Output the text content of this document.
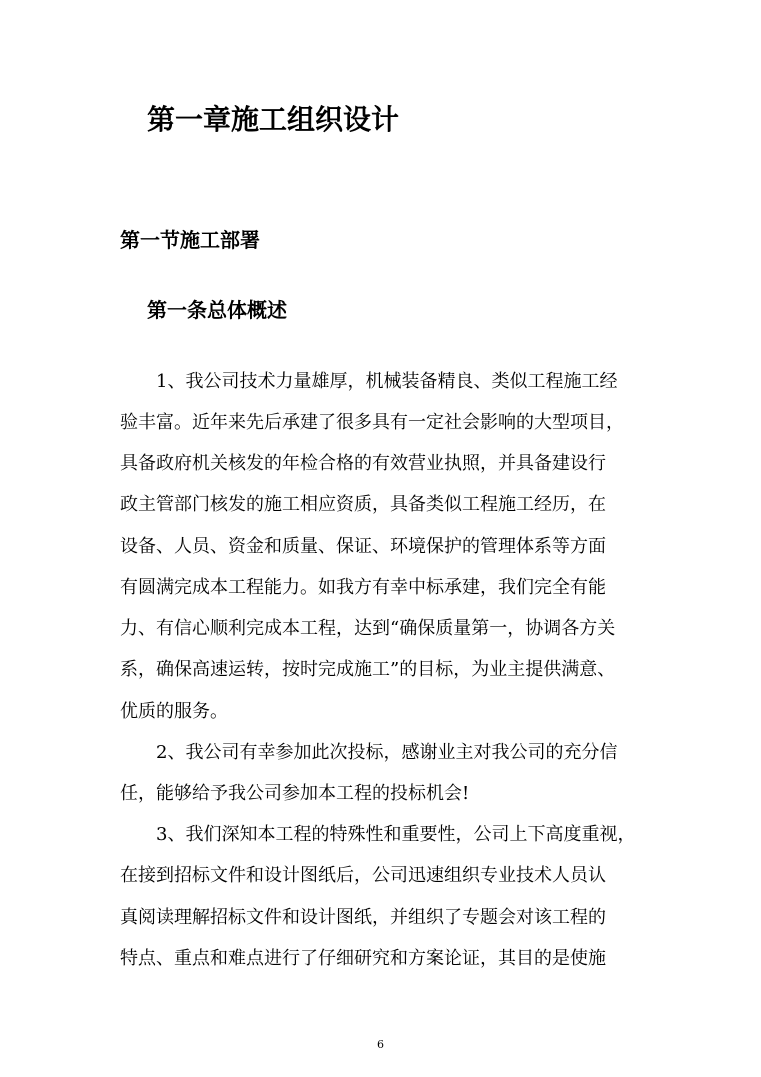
第一章施工组织设计
第一节施工部署
第一条总体概述

1、我公司技术力量雄厚，机械装备精良、类似工程施工经

验丰富。近年来先后承建了很多具有一定社会影响的大型项目，

具备政府机关核发的年检合格的有效营业执照，并具备建设行

政主管部门核发的施工相应资质，具备类似工程施工经历，在

设备、人员、资金和质量、保证、环境保护的管理体系等方面

有圆满完成本工程能力。如我方有幸中标承建，我们完全有能

力、有信心顺利完成本工程，达到“确保质量第一，协调各方关

系，确保高速运转，按时完成施工”的目标，为业主提供满意、

优质的服务。

2、我公司有幸参加此次投标，感谢业主对我公司的充分信

任，能够给予我公司参加本工程的投标机会!

3、我们深知本工程的特殊性和重要性，公司上下高度重视，

在接到招标文件和设计图纸后，公司迅速组织专业技术人员认

真阅读理解招标文件和设计图纸，并组织了专题会对该工程的

特点、重点和难点进行了仔细研究和方案论证，其目的是使施

6
